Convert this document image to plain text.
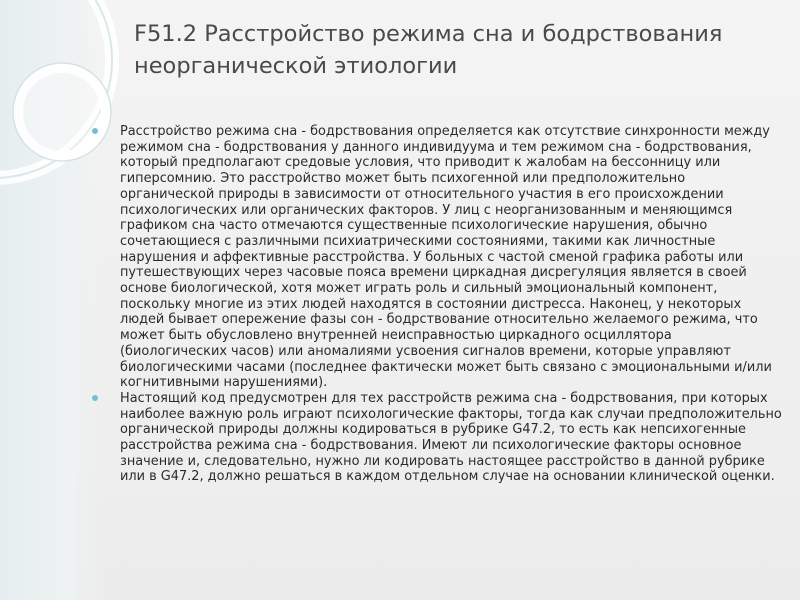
F51.2 Расстройство режима сна и бодрствования неорганической этиологии
Расстройство режима сна - бодрствования определяется как отсутствие синхронности между режимом сна - бодрствования у данного индивидуума и тем режимом сна - бодрствования, который предполагают средовые условия, что приводит к жалобам на бессонницу или гиперсомнию. Это расстройство может быть психогенной или предположительно органической природы в зависимости от относительного участия в его происхождении психологических или органических факторов. У лиц с неорганизованным и меняющимся графиком сна часто отмечаются существенные психологические нарушения, обычно сочетающиеся с различными психиатрическими состояниями, такими как личностные нарушения и аффективные расстройства. У больных с частой сменой графика работы или путешествующих через часовые пояса времени циркадная дисрегуляция является в своей основе биологической, хотя может играть роль и сильный эмоциональный компонент, поскольку многие из этих людей находятся в состоянии дистресса. Наконец, у некоторых людей бывает опережение фазы сон - бодрствование относительно желаемого режима, что может быть обусловлено внутренней неисправностью циркадного осциллятора (биологических часов) или аномалиями усвоения сигналов времени, которые управляют биологическими часами (последнее фактически может быть связано с эмоциональными и/или когнитивными нарушениями).
Настоящий код предусмотрен для тех расстройств режима сна - бодрствования, при которых наиболее важную роль играют психологические факторы, тогда как случаи предположительно органической природы должны кодироваться в рубрике G47.2, то есть как непсихогенные расстройства режима сна - бодрствования. Имеют ли психологические факторы основное значение и, следовательно, нужно ли кодировать настоящее расстройство в данной рубрике или в G47.2, должно решаться в каждом отдельном случае на основании клинической оценки.
